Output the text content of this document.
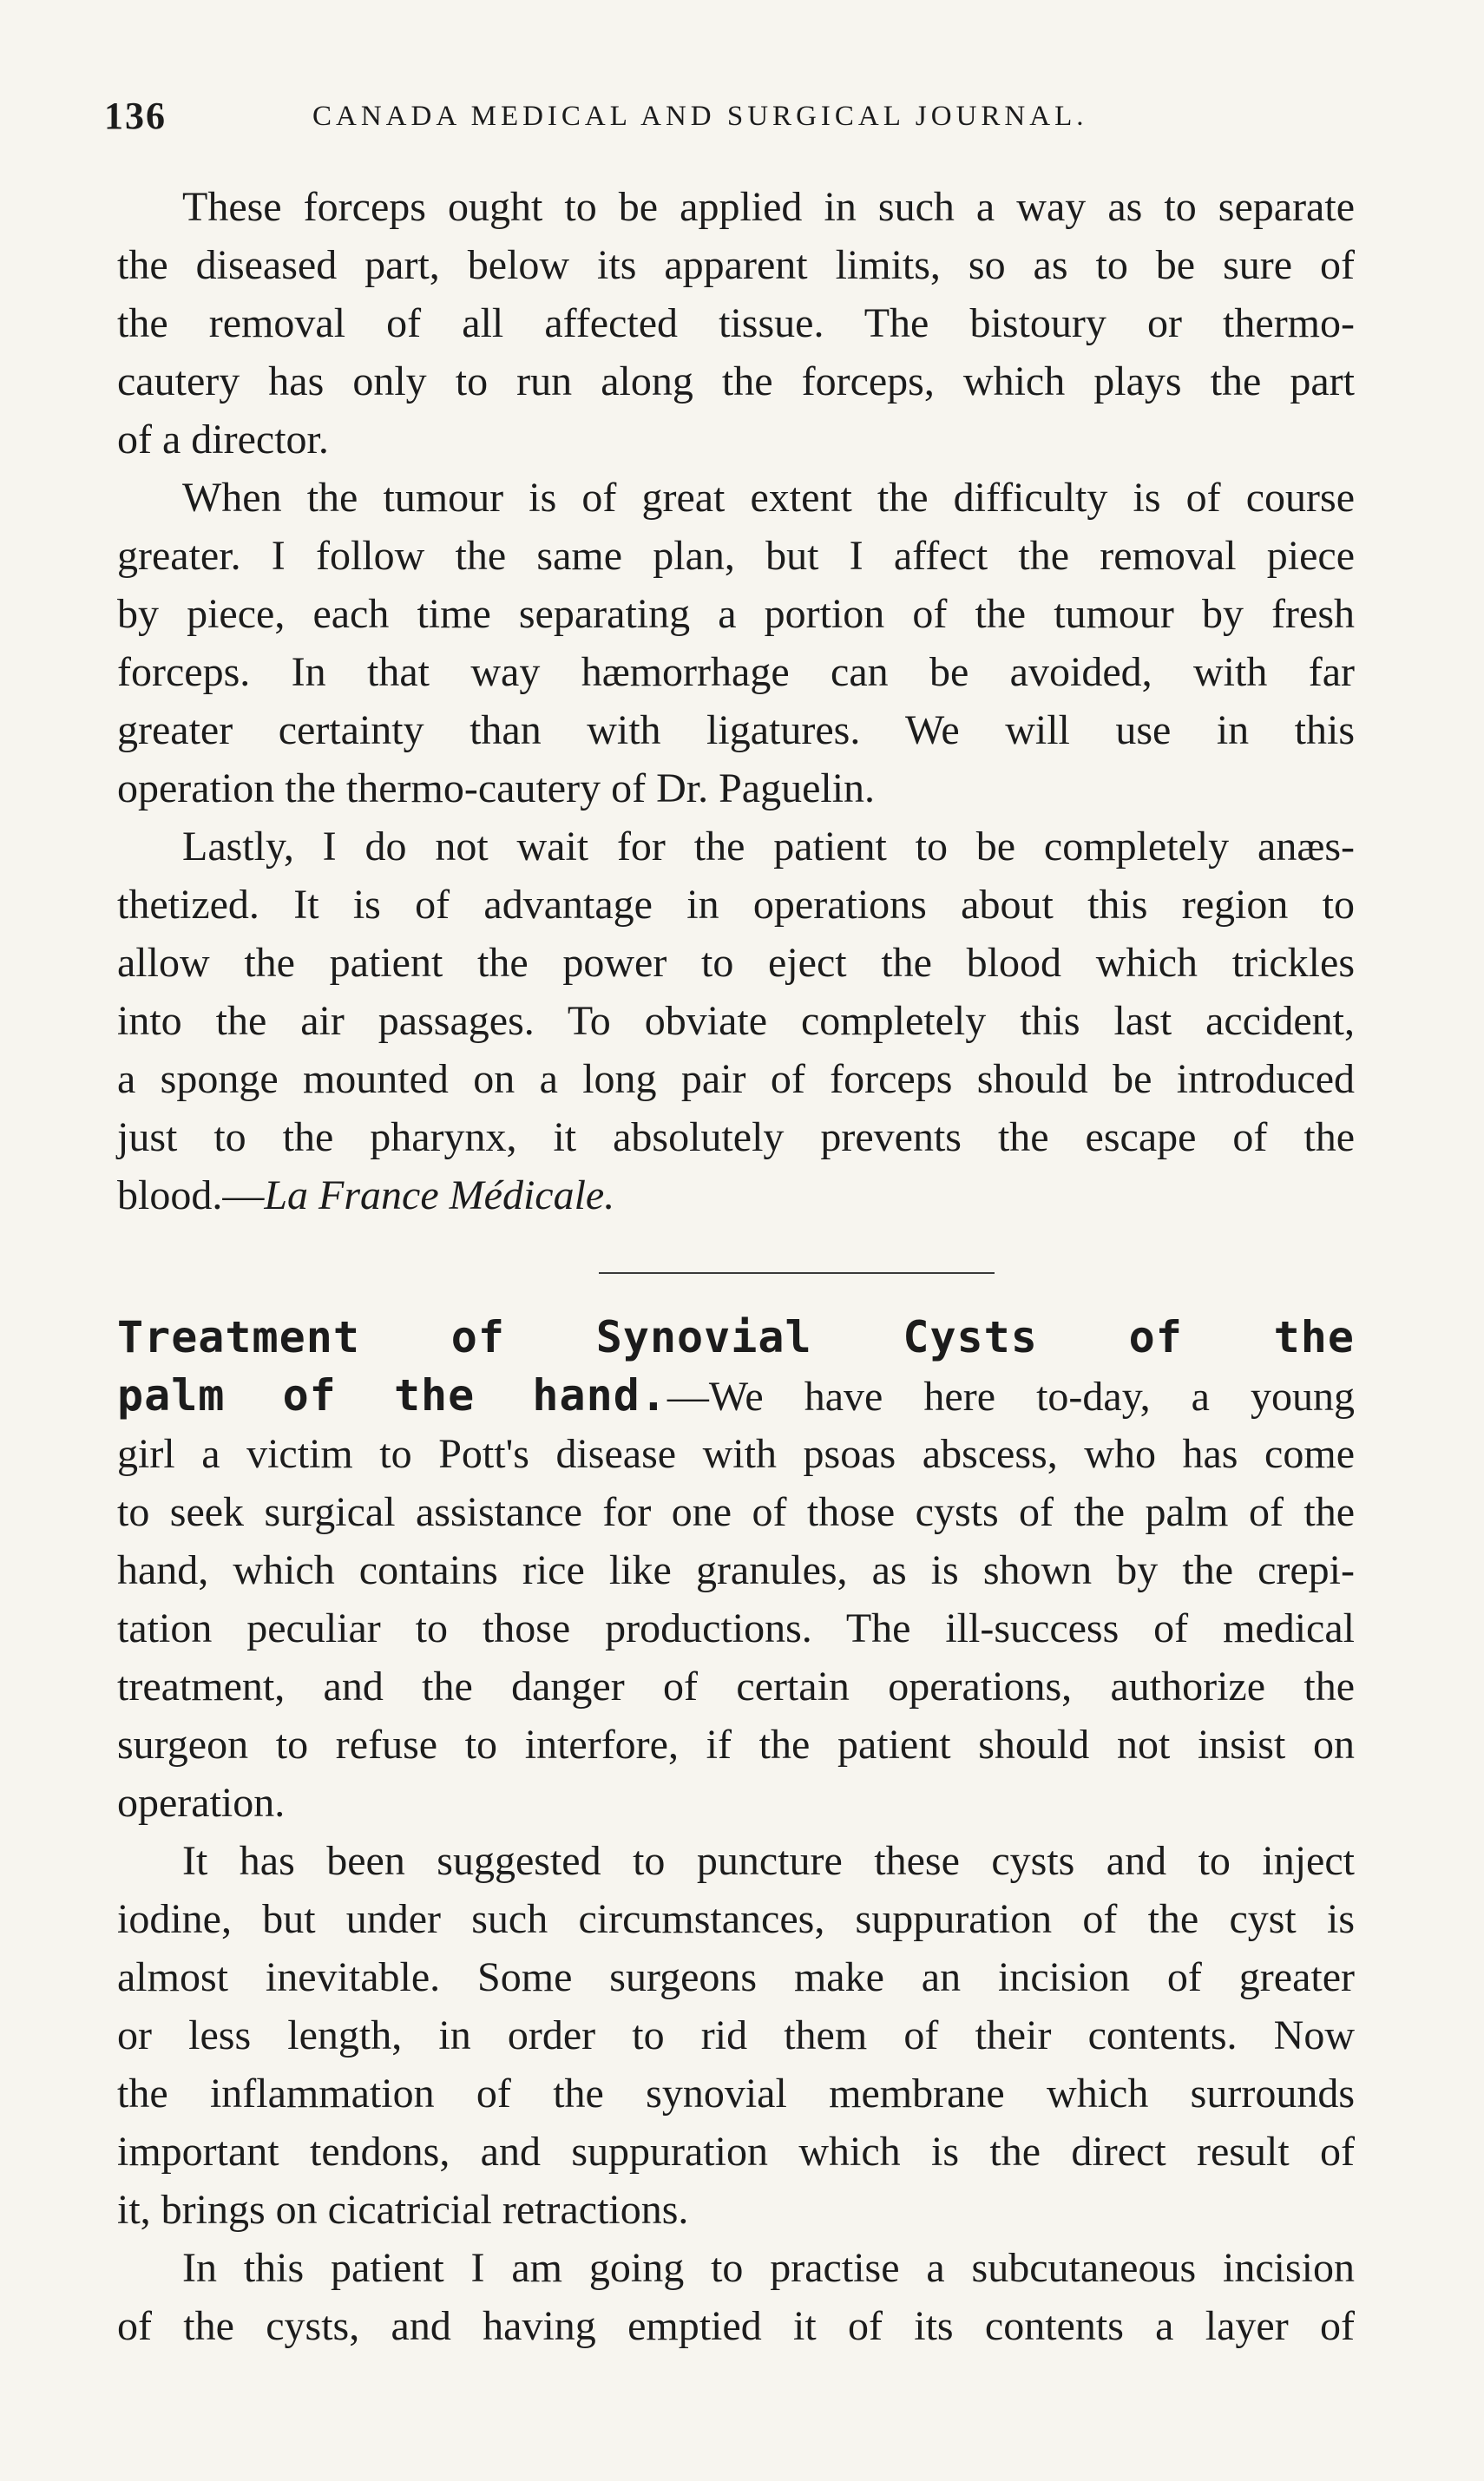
136	CANADA MEDICAL AND SURGICAL JOURNAL.
These forceps ought to be applied in such a way as to separate
the diseased part, below its apparent limits, so as to be sure of
the removal of all affected tissue. The bistoury or thermo-
cautery has only to run along the forceps, which plays the part
of a director.
When the tumour is of great extent the difficulty is of course
greater. I follow the same plan, but I affect the removal piece
by piece, each time separating a portion of the tumour by fresh
forceps. In that way hæmorrhage can be avoided, with far
greater certainty than with ligatures. We will use in this
operation the thermo-cautery of Dr. Paguelin.
Lastly, I do not wait for the patient to be completely anæs-
thetized. It is of advantage in operations about this region to
allow the patient the power to eject the blood which trickles
into the air passages. To obviate completely this last accident,
a sponge mounted on a long pair of forceps should be introduced
just to the pharynx, it absolutely prevents the escape of the
blood.—La France Médicale.
Treatment of Synovial Cysts of the
palm of the hand.—We have here to-day, a young
girl a victim to Pott's disease with psoas abscess, who has come
to seek surgical assistance for one of those cysts of the palm of the
hand, which contains rice like granules, as is shown by the crepi-
tation peculiar to those productions. The ill-success of medical
treatment, and the danger of certain operations, authorize the
surgeon to refuse to interfore, if the patient should not insist on
operation.
It has been suggested to puncture these cysts and to inject
iodine, but under such circumstances, suppuration of the cyst is
almost inevitable. Some surgeons make an incision of greater
or less length, in order to rid them of their contents. Now
the inflammation of the synovial membrane which surrounds
important tendons, and suppuration which is the direct result of
it, brings on cicatricial retractions.
In this patient I am going to practise a subcutaneous incision
of the cysts, and having emptied it of its contents a layer of
